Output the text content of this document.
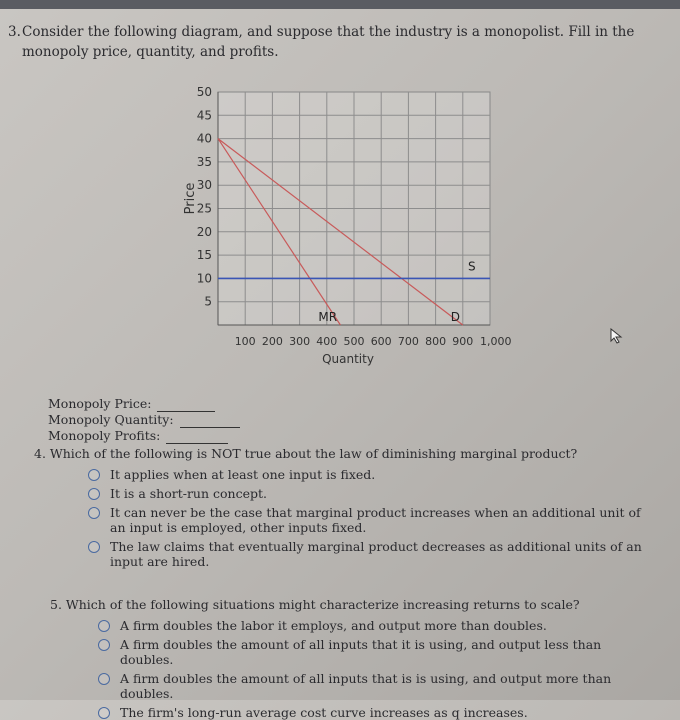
3. Consider the following diagram, and suppose that the industry is a monopolist. Fill in the monopoly price, quantity, and profits.
50
45
40
35
30
25
20
15
10
5
100 200 300 400 500 600 700 800 900 1,000
Quantity
Price
S
MR	D
Monopoly Price:
Monopoly Quantity:
Monopoly Profits:
4. Which of the following is NOT true about the law of diminishing marginal product?
It applies when at least one input is fixed.
It is a short-run concept.
It can never be the case that marginal product increases when an additional unit of an input is employed, other inputs fixed.
The law claims that eventually marginal product decreases as additional units of an input are hired.
5. Which of the following situations might characterize increasing returns to scale?
A firm doubles the labor it employs, and output more than doubles.
A firm doubles the amount of all inputs that it is using, and output less than doubles.
A firm doubles the amount of all inputs that is is using, and output more than doubles.
The firm's long-run average cost curve increases as q increases.
